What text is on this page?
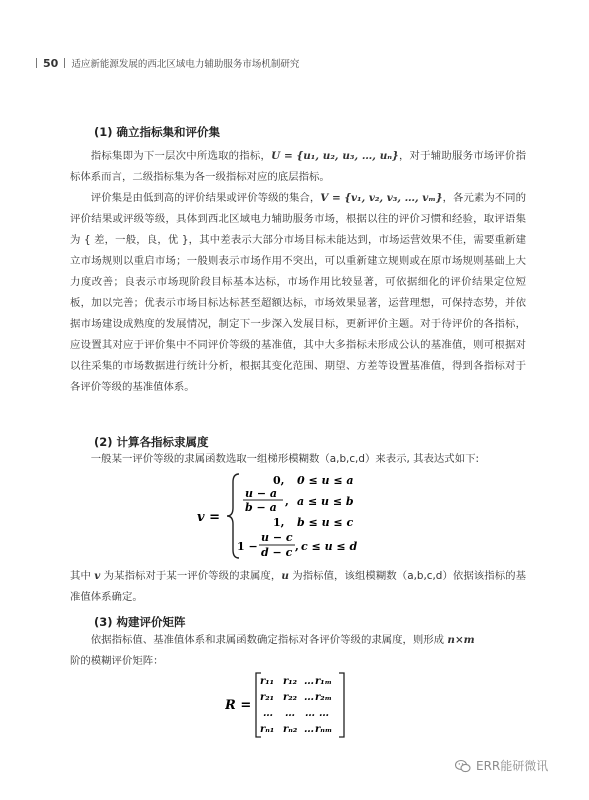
50 适应新能源发展的西北区域电力辅助服务市场机制研究
(1) 确立指标集和评价集

指标集即为下一层次中所选取的指标，U = {u₁, u₂, u₃, …, uₙ}，对于辅助服务市场评价指标体系而言，二级指标集为各一级指标对应的底层指标。

评价集是由低到高的评价结果或评价等级的集合，V = {v₁, v₂, v₃, …, vₘ}，各元素为不同的评价结果或评级等级，具体到西北区域电力辅助服务市场，根据以往的评价习惯和经验，取评语集为 { 差，一般，良，优 }，其中差表示大部分市场目标未能达到，市场运营效果不佳，需要重新建立市场规则以重启市场；一般则表示市场作用不突出，可以重新建立规则或在原市场规则基础上大力度改善；良表示市场现阶段目标基本达标，市场作用比较显著，可依据细化的评价结果定位短板，加以完善；优表示市场目标达标甚至超额达标，市场效果显著，运营理想，可保持态势，并依据市场建设成熟度的发展情况，制定下一步深入发展目标，更新评价主题。对于待评价的各指标，应设置其对应于评价集中不同评价等级的基准值，其中大多指标未形成公认的基准值，则可根据对以往采集的市场数据进行统计分析，根据其变化范围、期望、方差等设置基准值，得到各指标对于各评价等级的基准值体系。

(2) 计算各指标隶属度

一般某一评价等级的隶属函数选取一组梯形模糊数（a,b,c,d）来表示, 其表达式如下:

v =
0, 0 ≤ u ≤ a
u − a
b − a , a ≤ u ≤ b
1, b ≤ u ≤ c
1 −
u − c
d − c , c ≤ u ≤ d

其中 v 为某指标对于某一评价等级的隶属度，u 为指标值，该组模糊数（a,b,c,d）依据该指标的基准值体系确定。

(3) 构建评价矩阵

依据指标值、基准值体系和隶属函数确定指标对各评价等级的隶属度，则形成 n×m

阶的模糊评价矩阵：

R =
r₁₁ r₁₂ … r₁ₘ
r₂₁ r₂₂ … r₂ₘ
… … … …
rₙ₁ rₙ₂ … rₙₘ
ERR能研微讯
